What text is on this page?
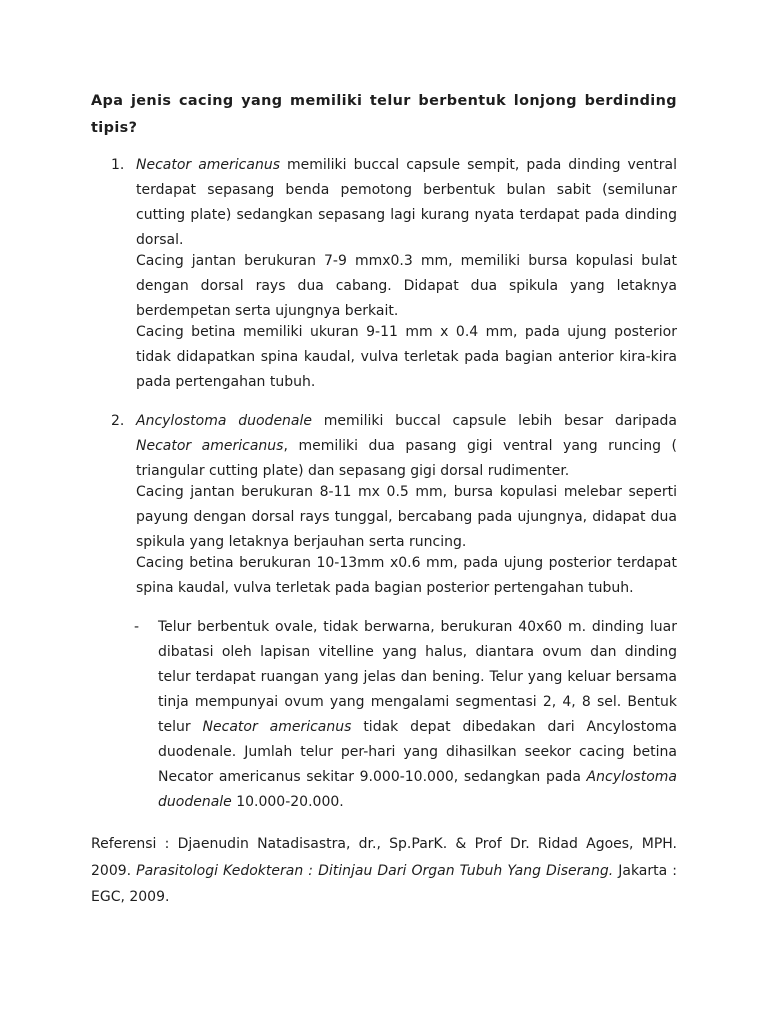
Apa jenis cacing yang memiliki telur berbentuk lonjong berdinding tipis?

1. Necator americanus memiliki buccal capsule sempit, pada dinding ventral terdapat sepasang benda pemotong berbentuk bulan sabit (semilunar cutting plate) sedangkan sepasang lagi kurang nyata terdapat pada dinding dorsal.

Cacing jantan berukuran 7-9 mmx0.3 mm, memiliki bursa kopulasi bulat dengan dorsal rays dua cabang. Didapat dua spikula yang letaknya berdempetan serta ujungnya berkait.

Cacing betina memiliki ukuran 9-11 mm x 0.4 mm, pada ujung posterior tidak didapatkan spina kaudal, vulva terletak pada bagian anterior kira-kira pada pertengahan tubuh.

2. Ancylostoma duodenale memiliki buccal capsule lebih besar daripada Necator americanus, memiliki dua pasang gigi ventral yang runcing ( triangular cutting plate) dan sepasang gigi dorsal rudimenter.

Cacing jantan berukuran 8-11 mx 0.5 mm, bursa kopulasi melebar seperti payung dengan dorsal rays tunggal, bercabang pada ujungnya, didapat dua spikula yang letaknya berjauhan serta runcing.

Cacing betina berukuran 10-13mm x0.6 mm, pada ujung posterior terdapat spina kaudal, vulva terletak pada bagian posterior pertengahan tubuh.

- Telur berbentuk ovale, tidak berwarna, berukuran 40x60 m. dinding luar dibatasi oleh lapisan vitelline yang halus, diantara ovum dan dinding telur terdapat ruangan yang jelas dan bening. Telur yang keluar bersama tinja mempunyai ovum yang mengalami segmentasi 2, 4, 8 sel. Bentuk telur Necator americanus tidak depat dibedakan dari Ancylostoma duodenale. Jumlah telur per-hari yang dihasilkan seekor cacing betina Necator americanus sekitar 9.000-10.000, sedangkan pada Ancylostoma duodenale 10.000-20.000.

Referensi : Djaenudin Natadisastra, dr., Sp.ParK. & Prof Dr. Ridad Agoes, MPH. 2009. Parasitologi Kedokteran : Ditinjau Dari Organ Tubuh Yang Diserang. Jakarta : EGC, 2009.
